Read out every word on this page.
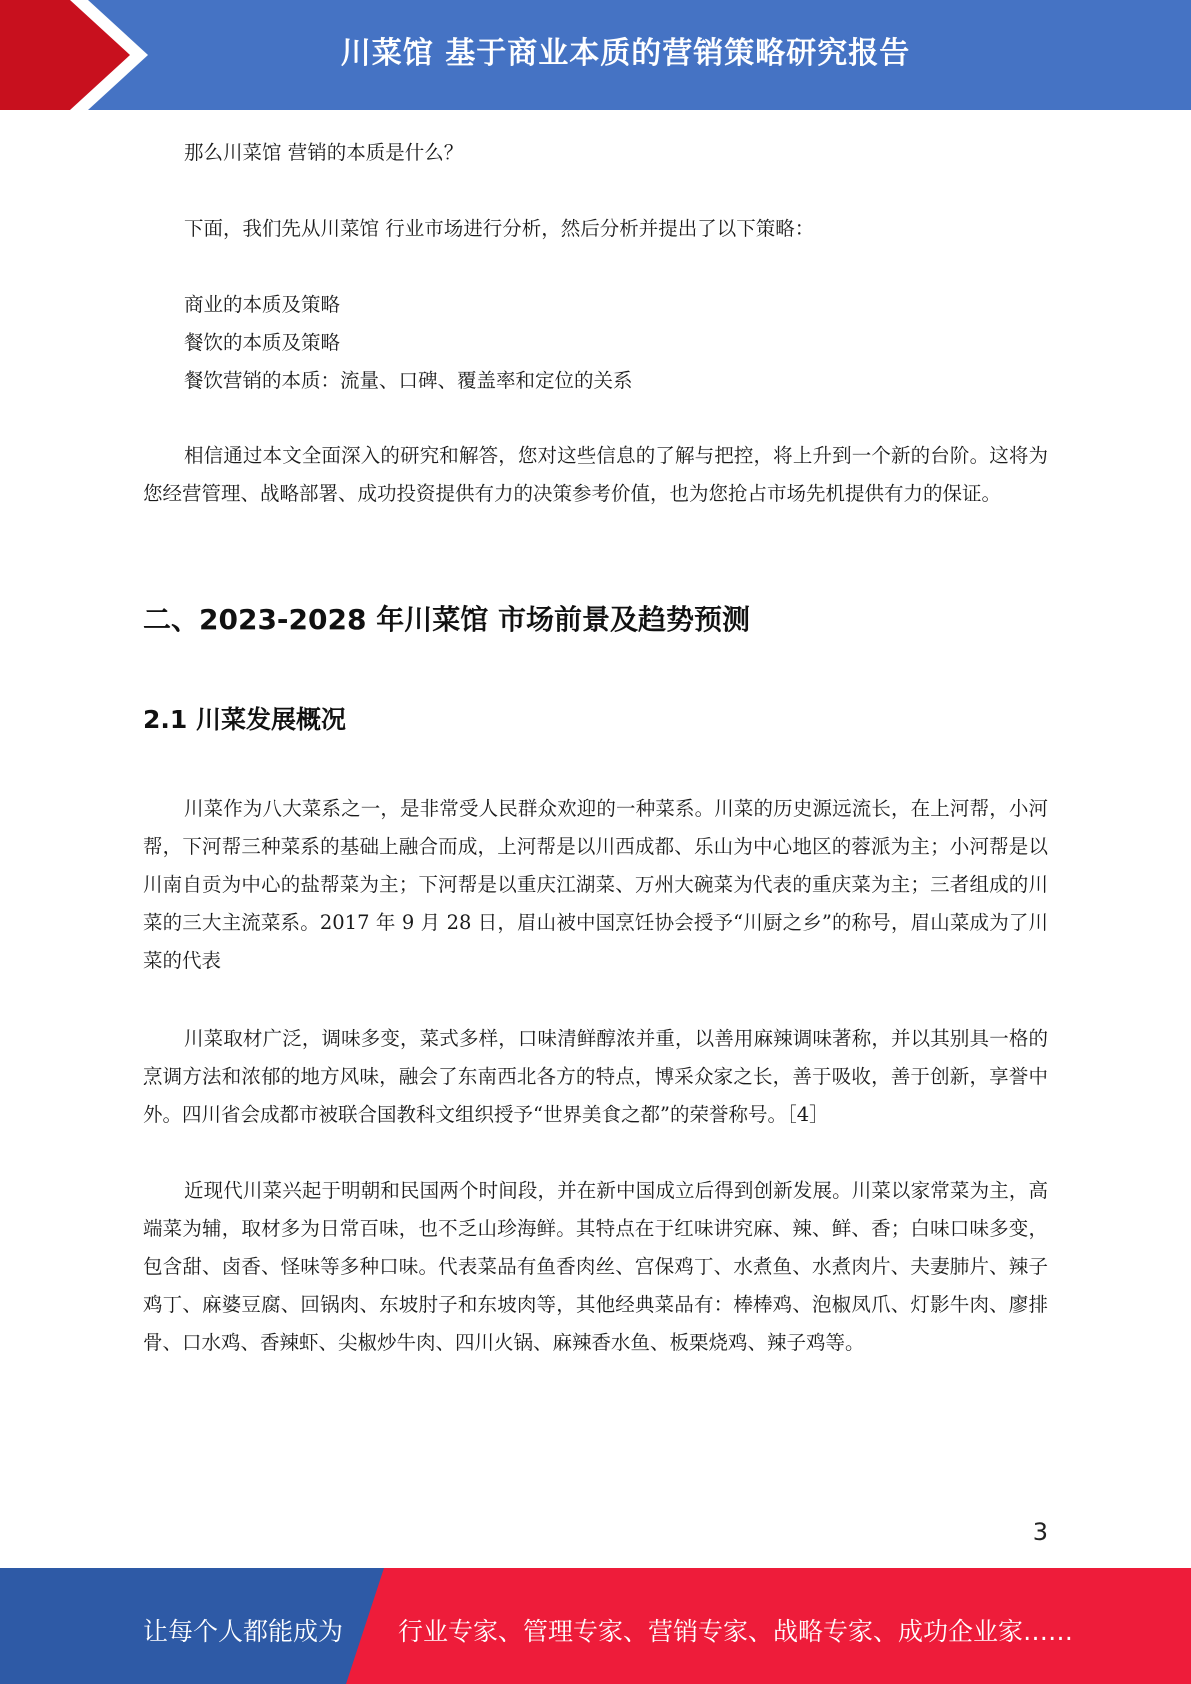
川菜馆 基于商业本质的营销策略研究报告
那么川菜馆 营销的本质是什么？
下面，我们先从川菜馆 行业市场进行分析，然后分析并提出了以下策略：
商业的本质及策略
餐饮的本质及策略
餐饮营销的本质：流量、口碑、覆盖率和定位的关系
相信通过本文全面深入的研究和解答，您对这些信息的了解与把控，将上升到一个新的台阶。这将为您经营管理、战略部署、成功投资提供有力的决策参考价值，也为您抢占市场先机提供有力的保证。
二、2023-2028 年川菜馆 市场前景及趋势预测
2.1 川菜发展概况
川菜作为八大菜系之一，是非常受人民群众欢迎的一种菜系。川菜的历史源远流长，在上河帮，小河帮，下河帮三种菜系的基础上融合而成，上河帮是以川西成都、乐山为中心地区的蓉派为主；小河帮是以川南自贡为中心的盐帮菜为主；下河帮是以重庆江湖菜、万州大碗菜为代表的重庆菜为主；三者组成的川菜的三大主流菜系。2017 年 9 月 28 日，眉山被中国烹饪协会授予“川厨之乡”的称号，眉山菜成为了川菜的代表
川菜取材广泛，调味多变，菜式多样，口味清鲜醇浓并重，以善用麻辣调味著称，并以其别具一格的烹调方法和浓郁的地方风味，融会了东南西北各方的特点，博采众家之长，善于吸收，善于创新，享誉中外。四川省会成都市被联合国教科文组织授予“世界美食之都”的荣誉称号。［4］
近现代川菜兴起于明朝和民国两个时间段，并在新中国成立后得到创新发展。川菜以家常菜为主，高端菜为辅，取材多为日常百味，也不乏山珍海鲜。其特点在于红味讲究麻、辣、鲜、香；白味口味多变，包含甜、卤香、怪味等多种口味。代表菜品有鱼香肉丝、宫保鸡丁、水煮鱼、水煮肉片、夫妻肺片、辣子鸡丁、麻婆豆腐、回锅肉、东坡肘子和东坡肉等，其他经典菜品有：棒棒鸡、泡椒凤爪、灯影牛肉、廖排骨、口水鸡、香辣虾、尖椒炒牛肉、四川火锅、麻辣香水鱼、板栗烧鸡、辣子鸡等。
3
让每个人都能成为 行业专家、管理专家、营销专家、战略专家、成功企业家……
